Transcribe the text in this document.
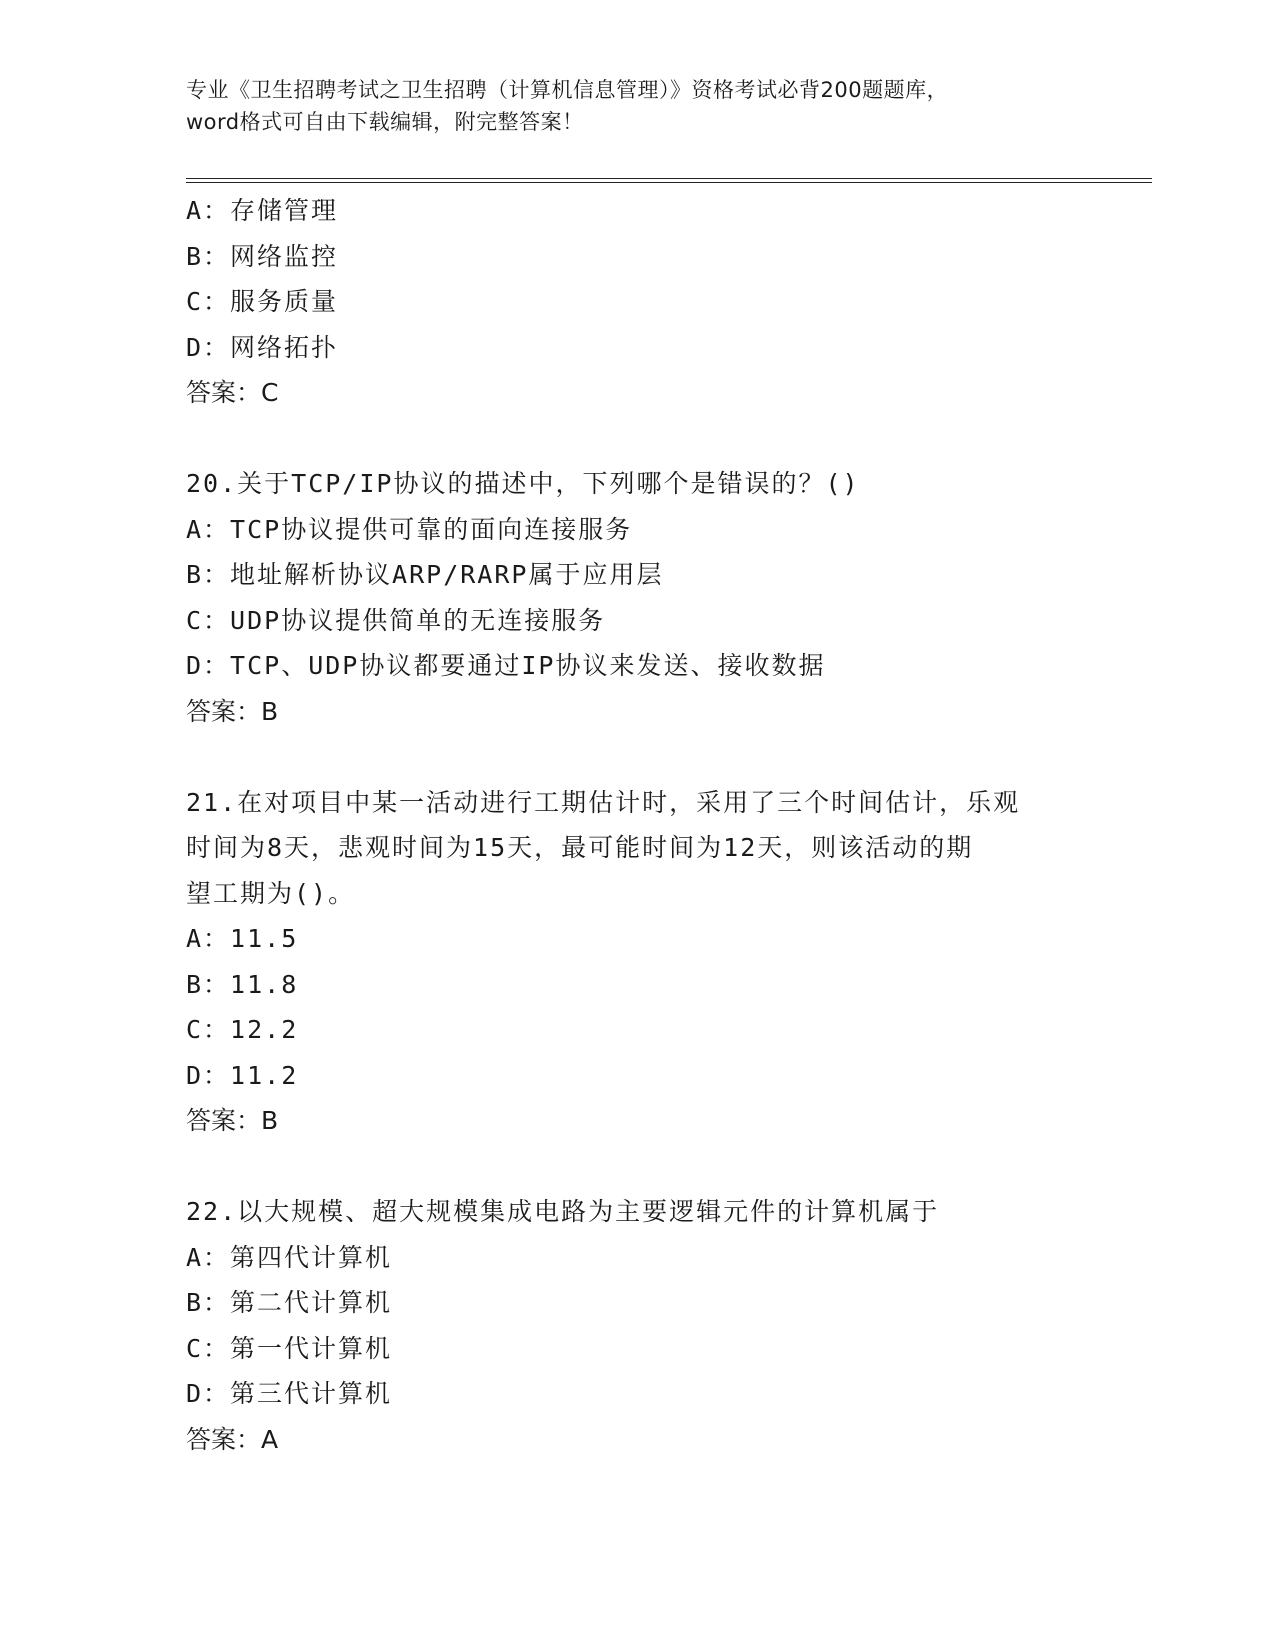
专业《卫生招聘考试之卫生招聘（计算机信息管理）》资格考试必背200题题库，
word格式可自由下载编辑，附完整答案！
A：存储管理
B：网络监控
C：服务质量
D：网络拓扑
答案：C
20.关于TCP/IP协议的描述中，下列哪个是错误的？()
A：TCP协议提供可靠的面向连接服务
B：地址解析协议ARP/RARP属于应用层
C：UDP协议提供简单的无连接服务
D：TCP、UDP协议都要通过IP协议来发送、接收数据
答案：B
21.在对项目中某一活动进行工期估计时，采用了三个时间估计，乐观
时间为8天，悲观时间为15天，最可能时间为12天，则该活动的期
望工期为()。
A：11.5
B：11.8
C：12.2
D：11.2
答案：B
22.以大规模、超大规模集成电路为主要逻辑元件的计算机属于
A：第四代计算机
B：第二代计算机
C：第一代计算机
D：第三代计算机
答案：A
